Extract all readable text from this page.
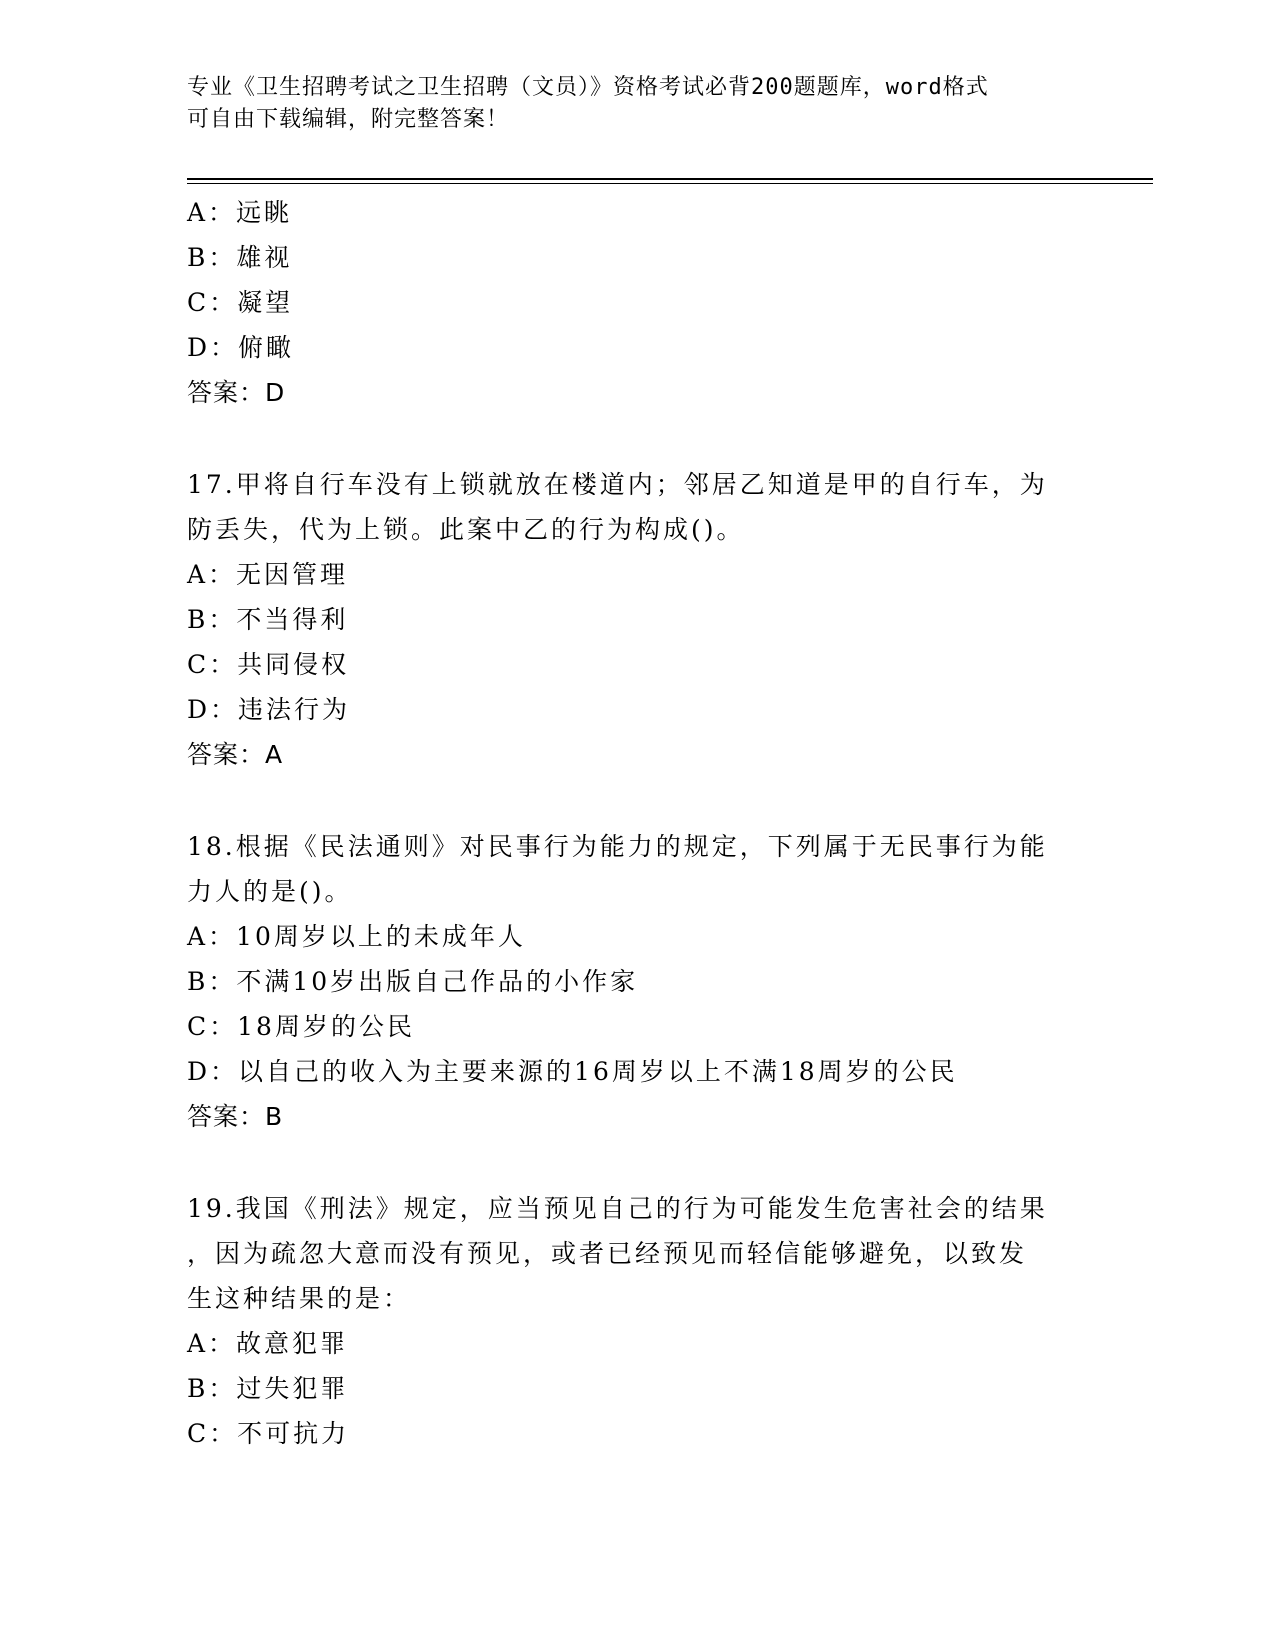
专业《卫生招聘考试之卫生招聘（文员）》资格考试必背200题题库，word格式
可自由下载编辑，附完整答案！
A：远眺
B：雄视
C：凝望
D：俯瞰
答案：D
17.甲将自行车没有上锁就放在楼道内；邻居乙知道是甲的自行车，为
防丢失，代为上锁。此案中乙的行为构成()。
A：无因管理
B：不当得利
C：共同侵权
D：违法行为
答案：A
18.根据《民法通则》对民事行为能力的规定，下列属于无民事行为能
力人的是()。
A：10周岁以上的未成年人
B：不满10岁出版自己作品的小作家
C：18周岁的公民
D：以自己的收入为主要来源的16周岁以上不满18周岁的公民
答案：B
19.我国《刑法》规定，应当预见自己的行为可能发生危害社会的结果
，因为疏忽大意而没有预见，或者已经预见而轻信能够避免，以致发
生这种结果的是：
A：故意犯罪
B：过失犯罪
C：不可抗力
